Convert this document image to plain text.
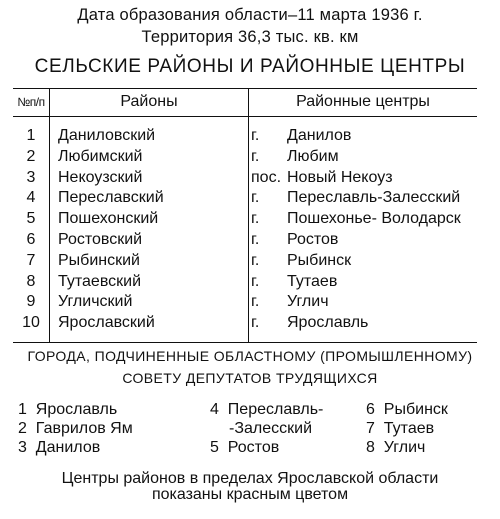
Дата образования области–11 марта 1936 г.
Территория 36,3 тыс. кв. км
СЕЛЬСКИЕ РАЙОНЫ И РАЙОННЫЕ ЦЕНТРЫ
№п/п	Районы	Районные центры	
1	Даниловский	г.	Данилов
2	Любимский	г.	Любим
3	Некоузский	пос.	Новый Некоуз
4	Переславский	г.	Переславль-Залесский
5	Пошехонский	г.	Пошехонье- Володарск
6	Ростовский	г.	Ростов
7	Рыбинский	г.	Рыбинск
8	Тутаевский	г.	Тутаев
9	Угличский	г.	Углич
10	Ярославский	г.	Ярославль
ГОРОДА, ПОДЧИНЕННЫЕ ОБЛАСТНОМУ (ПРОМЫШЛЕННОМУ)
СОВЕТУ ДЕПУТАТОВ ТРУДЯЩИХСЯ
1 Ярославль
2 Гаврилов Ям
3 Данилов
4 Переславль-
-Залесский
5 Ростов
6 Рыбинск
7 Тутаев
8 Углич
Центры районов в пределах Ярославской области
показаны красным цветом
